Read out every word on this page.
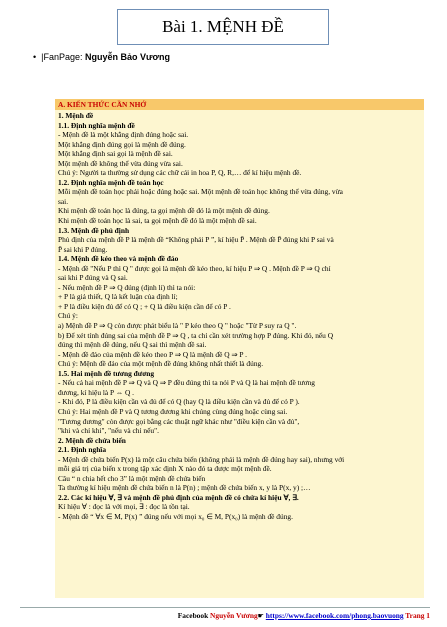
Bài 1. MỆNH ĐỀ
• |FanPage: Nguyễn Bảo Vương
A. KIẾN THỨC CẦN NHỚ

1. Mệnh đề

1.1. Định nghĩa mệnh đề

- Mệnh đề là một khẳng định đúng hoặc sai.

Một khẳng định đúng gọi là mệnh đề đúng.

Một khẳng định sai gọi là mệnh đề sai.

Một mệnh đề không thể vừa đúng vừa sai.

Chú ý: Người ta thường sử dụng các chữ cái in hoa P, Q, R,… để kí hiệu mệnh đề.

1.2. Định nghĩa mệnh đề toán học

Mỗi mệnh đề toán học phải hoặc đúng hoặc sai. Một mệnh đề toán học không thể vừa đúng, vừa

sai.

Khi mệnh đề toán học là đúng, ta gọi mệnh đề đó là một mệnh đề đúng.

Khi mệnh đề toán học là sai, ta gọi mệnh đề đó là một mệnh đề sai.

1.3. Mệnh đề phủ định

Phủ định của mệnh đề P là mệnh đề “Không phải P ”, kí hiệu P̄ . Mệnh đề P̄ đúng khi P sai và

P̄ sai khi P đúng.

1.4. Mệnh đề kéo theo và mệnh đề đảo

- Mệnh đề "Nếu P thì Q " được gọi là mệnh đề kéo theo, kí hiệu P ⇒ Q . Mệnh đề P ⇒ Q chỉ

sai khi P đúng và Q sai.

- Nếu mệnh đề P ⇒ Q đúng (định lí) thì ta nói:

+ P là giả thiết, Q là kết luận của định lí;

+ P là điều kiện đủ để có Q ; + Q là điều kiện cần để có P .

Chú ý:

a) Mệnh đề P ⇒ Q còn được phát biểu là " P kéo theo Q " hoặc "Từ P suy ra Q ".

b) Để xét tính đúng sai của mệnh đề P ⇒ Q , ta chỉ cần xét trường hợp P đúng. Khi đó, nếu Q

đúng thì mệnh đề đúng, nếu Q sai thì mệnh đề sai.

- Mệnh đề đảo của mệnh đề kéo theo P ⇒ Q là mệnh đề Q ⇒ P .

Chú ý: Mệnh đề đảo của một mệnh đề đúng không nhất thiết là đúng.

1.5. Hai mệnh đề tương đương

- Nếu cả hai mệnh đề P ⇒ Q và Q ⇒ P đều đúng thì ta nói P và Q là hai mệnh đề tương

đương, kí hiệu là P ⇔ Q .

- Khi đó, P là điều kiện cần và đủ để có Q (hay Q là điều kiện cần và đủ để có P ).

Chú ý: Hai mệnh đề P và Q tương đương khi chúng cùng đúng hoặc cùng sai.

"Tương đương" còn được gọi bằng các thuật ngữ khác như "điều kiện cần và đủ",

"khi và chỉ khi", "nếu và chỉ nếu".

2. Mệnh đề chứa biến

2.1. Định nghĩa

- Mệnh đề chứa biến P(x) là một câu chứa biến (không phải là mệnh đề đúng hay sai), nhưng với

mỗi giá trị của biến x trong tập xác định X nào đó ta được một mệnh đề.

Câu “ n chia hết cho 3” là một mệnh đề chứa biến

Ta thường kí hiệu mệnh đề chứa biến n là P(n) ; mệnh đề chứa biến x, y là P(x, y) ;…

2.2. Các kí hiệu ∀, ∃ và mệnh đề phủ định của mệnh đề có chứa kí hiệu ∀, ∃.

Kí hiệu ∀ : đọc là với mọi, ∃ : đọc là tồn tại.

- Mệnh đề “ ∀x ∈ M, P(x) ” đúng nếu với mọi x₀ ∈ M, P(x₀) là mệnh đề đúng.

Facebook Nguyễn Vương☛ https://www.facebook.com/phong.baovuong Trang 1
